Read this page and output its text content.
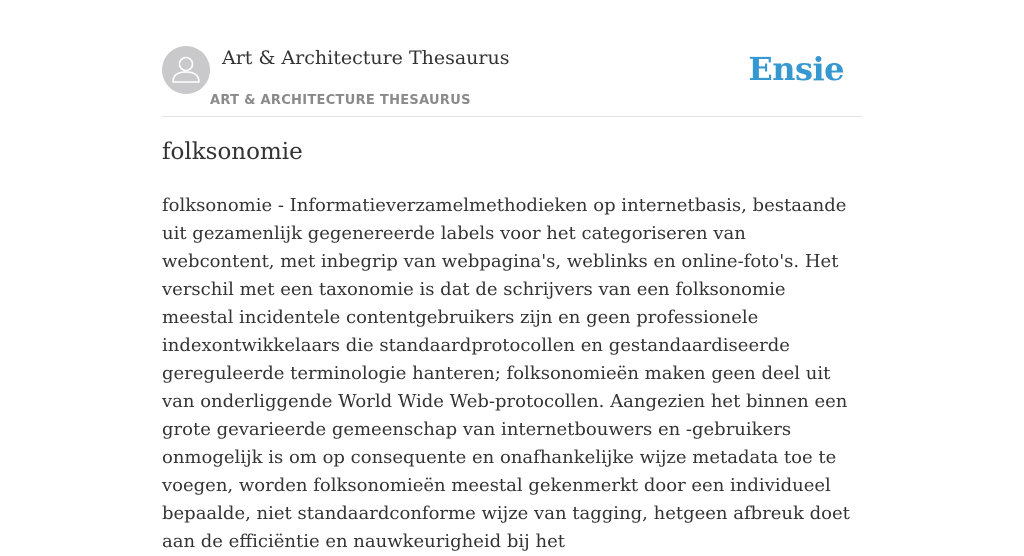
Art & Architecture Thesaurus
ART & ARCHITECTURE THESAURUS
Ensie
folksonomie

folksonomie - Informatieverzamelmethodieken op internetbasis, bestaande uit gezamenlijk gegenereerde labels voor het categoriseren van webcontent, met inbegrip van webpagina's, weblinks en online-foto's. Het verschil met een taxonomie is dat de schrijvers van een folksonomie meestal incidentele contentgebruikers zijn en geen professionele indexontwikkelaars die standaardprotocollen en gestandaardiseerde gereguleerde terminologie hanteren; folksonomieën maken geen deel uit van onderliggende World Wide Web-protocollen. Aangezien het binnen een grote gevarieerde gemeenschap van internetbouwers en -gebruikers onmogelijk is om op consequente en onafhankelijke wijze metadata toe te voegen, worden folksonomieën meestal gekenmerkt door een individueel bepaalde, niet standaardconforme wijze van tagging, hetgeen afbreuk doet aan de efficiëntie en nauwkeurigheid bij het
